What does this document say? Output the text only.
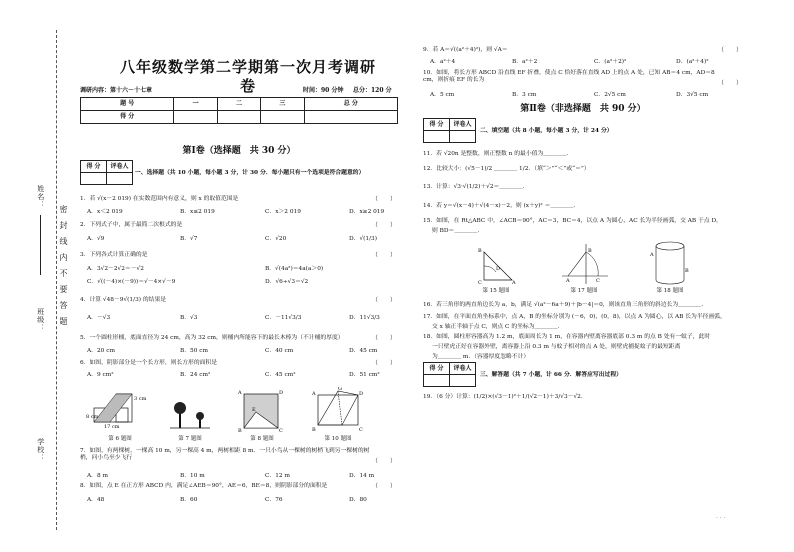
姓名：
班级：
学校：
密封线内不要答题
八年级数学第二学期第一次月考调研卷
调研内容：第十六－十七章	时间：90 分钟 总分：120 分
题 号	一	二	三	总 分
得 分				
第Ⅰ卷（选择题　共 30 分）
得 分	评卷人

一、选择题（共 10 小题，每小题 3 分，计 30 分．每小题只有一个选项是符合题意的）
1．若 √(x－2 019) 在实数范围内有意义，则 x 的取值范围是	（　　）
A．x＜2 019	B．x≤2 019	C．x＞2 019	D．x≥2 019
2．下列式子中，属于最简二次根式的是	（　　）
A．√9	B．√7	C．√20	D．√(1/3)
3．下列各式计算正确的是	（　　）
A．3√2－2√2＝－√2	B．√(4a²)＝4a(a＞0)
C．√((－4)×(－9))＝√－4×√－9	D．√6÷√3＝√2
4．计算 √48－9√(1/3) 的结果是	（　　）
A．－√3	B．√3	C．－11√3/3	D．11√3/3
5．一个圆柱形桶，底面直径为 24 cm，高为 32 cm，则桶内所能容下的最长木棒为（不计桶的厚度）	（　　）
A．20 cm	B．50 cm	C．40 cm	D．45 cm
6．如图，阴影部分是一个长方形，则长方形的面积是	（　　）
A．9 cm²	B．24 cm²	C．45 cm²	D．51 cm²
3 cm
8 cm
17 cm
A	D
B	C
E
A	D
B	C
G
第 6 题图	第 7 题图	第 8 题图	第 10 题图
7．如图，有两棵树，一棵高 10 m，另一棵高 4 m，两树相距 8 m．一只小鸟从一棵树的树梢飞到另一棵树的树梢，问小鸟至少飞行	（　　）
A．8 m	B．10 m	C．12 m	D．14 m
8．如图，点 E 在正方形 ABCD 内，满足∠AEB＝90°，AE＝6，BE＝8，则阴影部分的面积是	（　　）
A．48	B．60	C．76	D．80
9．若 A＝√((a²＋4)²)，则 √A＝	（　　）
A．a²＋4	B．a²＋2	C．(a²＋2)²	D．(a²＋4)²
10．如图，将长方形 ABCD 沿直线 EF 折叠，使点 C 恰好落在直线 AD 上的点 A 处，已知 AB＝4 cm，AD＝8 cm，则折痕 EF 的长为	（　　）
A．5 cm	B．3 cm	C．2√5 cm	D．3√5 cm
第Ⅱ卷（非选择题　共 90 分）
得 分	评卷人

二、填空题（共 8 小题，每小题 3 分，计 24 分）
11．若 √20n 是整数，则正整数 n 的最小值为＿＿＿＿．
12．比较大小：(√5－1)/2 ＿＿＿＿ 1/2．（填“＞”“＜”或“＝”）
13．计算：√3·√(1/2)＋√2＝＿＿＿＿．
14．若 y＝√(x－4)＋√(4－x)－2，则 (x＋y)² ＝＿＿＿＿．
15．如图，在 Rt△ABC 中，∠ACB＝90°，AC＝3，BC＝4，以点 A 为圆心，AC 长为半径画弧，交 AB 于点 D，
则 BD＝＿＿＿＿．
B
C	A
D
A
B
C
A
B
第 15 题图	第 17 题图	第 18 题图
16．若三角形的两直角边长为 a，b，满足 √(a²－6a＋9)＋|b－4|＝0，则该直角三角形的斜边长为＿＿＿＿．
17．如图，在平面直角坐标系中，点 A，B 的坐标分别为 (－6，0)，(0，8)，以点 A 为圆心，以 AB 长为半径画弧，
交 x 轴正半轴于点 C，则点 C 的坐标为＿＿＿＿．
18．如图，圆柱形容器高为 1.2 m，底面周长为 1 m，在容器内壁离容器底部 0.3 m 的点 B 处有一蚊子，此时
一只壁虎正好在容器外壁，离容器上沿 0.3 m 与蚊子相对的点 A 处，则壁虎捕捉蚊子的最短距离
为＿＿＿＿ m．（容器厚度忽略不计）
得 分	评卷人

三、解答题（共 7 小题，计 66 分．解答应写出过程）
19．（6 分）计算：(1/2)×(√3－1)²＋1/(√2－1)＋3/√3－√2．
· · ·
